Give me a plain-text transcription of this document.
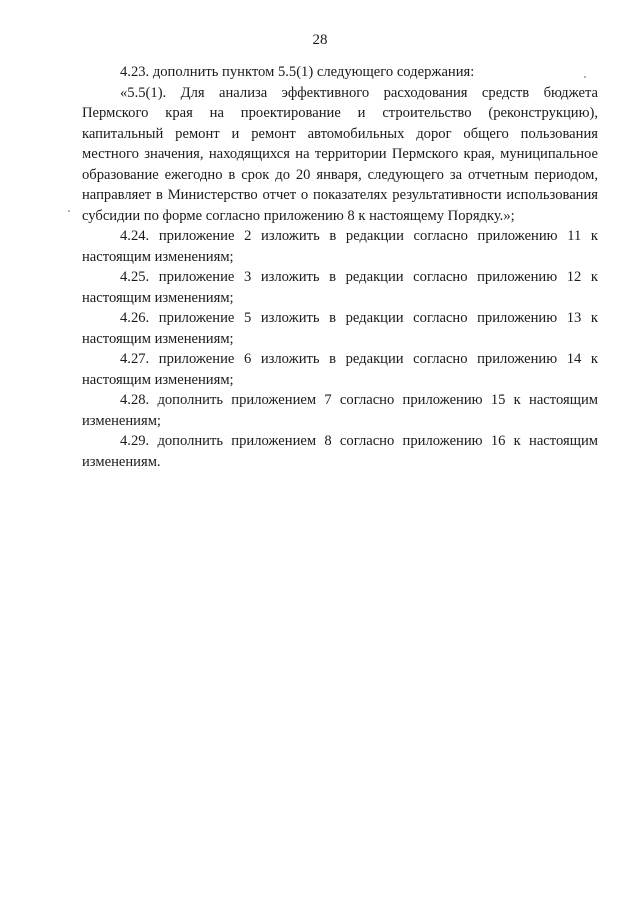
28

4.23. дополнить пунктом 5.5(1) следующего содержания:

«5.5(1). Для анализа эффективного расходования средств бюджета Пермского края на проектирование и строительство (реконструкцию), капитальный ремонт и ремонт автомобильных дорог общего пользования местного значения, находящихся на территории Пермского края, муниципальное образование ежегодно в срок до 20 января, следующего за отчетным периодом, направляет в Министерство отчет о показателях результативности использования субсидии по форме согласно приложению 8 к настоящему Порядку.»;

4.24. приложение 2 изложить в редакции согласно приложению 11 к настоящим изменениям;

4.25. приложение 3 изложить в редакции согласно приложению 12 к настоящим изменениям;

4.26. приложение 5 изложить в редакции согласно приложению 13 к настоящим изменениям;

4.27. приложение 6 изложить в редакции согласно приложению 14 к настоящим изменениям;

4.28. дополнить приложением 7 согласно приложению 15 к настоящим изменениям;

4.29. дополнить приложением 8 согласно приложению 16 к настоящим изменениям.
